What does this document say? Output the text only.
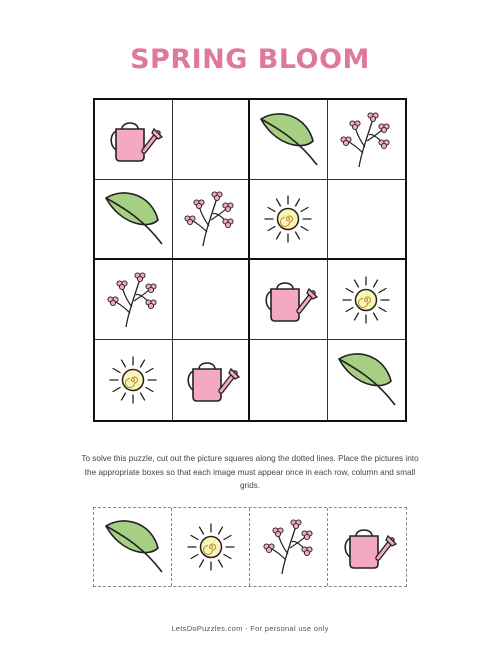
SPRING BLOOM
To solve this puzzle, cut out the picture squares along the dotted lines. Place the pictures into the appropriate boxes so that each image must appear once in each row, column and small grids.
LetsDoPuzzles.com - For personal use only
